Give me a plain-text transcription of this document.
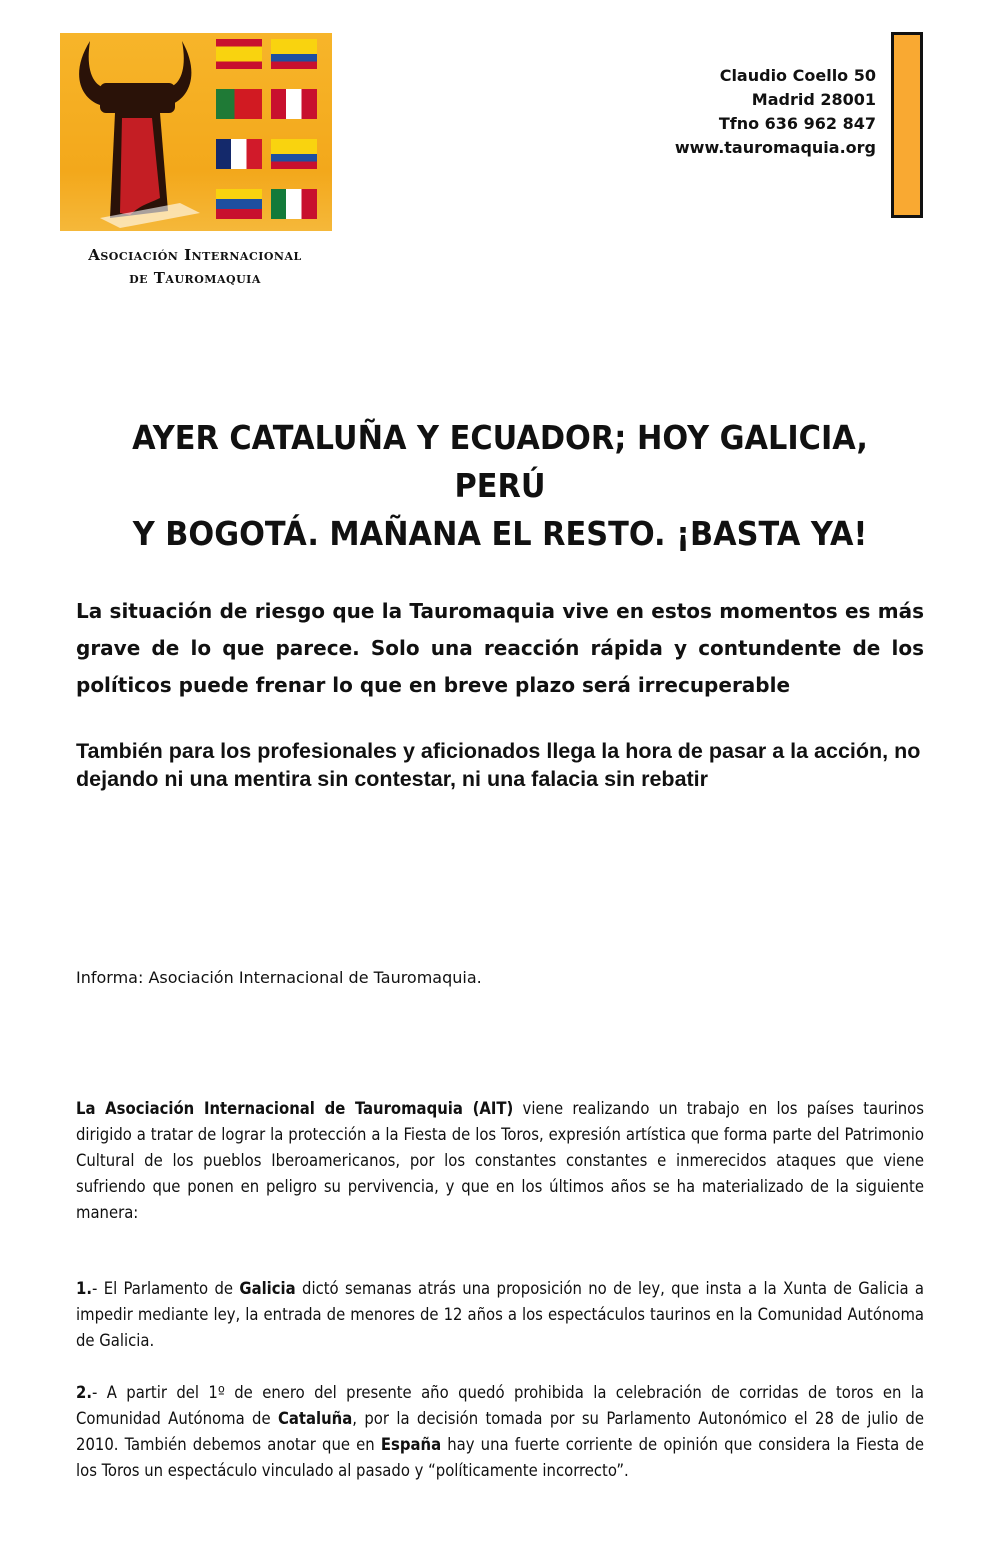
Asociación Internacional
de Tauromaquia
Claudio Coello 50
Madrid 28001
Tfno 636 962 847
www.tauromaquia.org
AYER CATALUÑA Y ECUADOR; HOY GALICIA, PERÚ
Y BOGOTÁ. MAÑANA EL RESTO. ¡BASTA YA!
La situación de riesgo que la Tauromaquia vive en estos momentos es más grave de lo que parece. Solo una reacción rápida y contundente de los políticos puede frenar lo que en breve plazo será irrecuperable
También para los profesionales y aficionados llega la hora de pasar a la acción, no dejando ni una mentira sin contestar, ni una falacia sin rebatir
Informa: Asociación Internacional de Tauromaquia.
La Asociación Internacional de Tauromaquia (AIT) viene realizando un trabajo en los países taurinos dirigido a tratar de lograr la protección a la Fiesta de los Toros, expresión artística que forma parte del Patrimonio Cultural de los pueblos Iberoamericanos, por los constantes constantes e inmerecidos ataques que viene sufriendo que ponen en peligro su pervivencia, y que en los últimos años se ha materializado de la siguiente manera:
1.- El Parlamento de Galicia dictó semanas atrás una proposición no de ley, que insta a la Xunta de Galicia a impedir mediante ley, la entrada de menores de 12 años a los espectáculos taurinos en la Comunidad Autónoma de Galicia.
2.- A partir del 1º de enero del presente año quedó prohibida la celebración de corridas de toros en la Comunidad Autónoma de Cataluña, por la decisión tomada por su Parlamento Autonómico el 28 de julio de 2010. También debemos anotar que en España hay una fuerte corriente de opinión que considera la Fiesta de los Toros un espectáculo vinculado al pasado y “políticamente incorrecto”.
